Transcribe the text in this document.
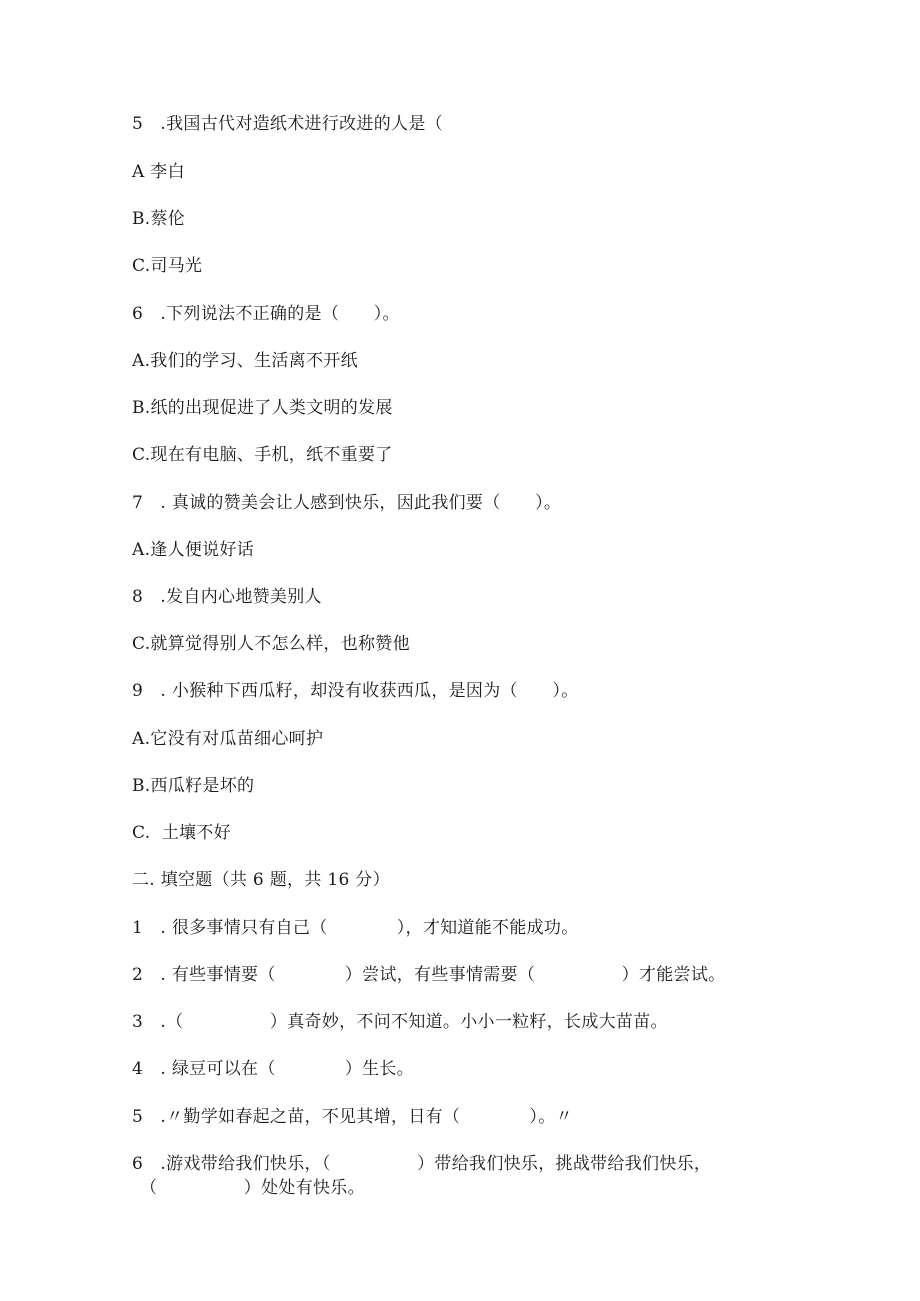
5　.我国古代对造纸术进行改进的人是（
A 李白
B.蔡伦
C.司马光
6　.下列说法不正确的是（　　）。
A.我们的学习、生活离不开纸
B.纸的出现促进了人类文明的发展
C.现在有电脑、手机，纸不重要了
7　. 真诚的赞美会让人感到快乐，因此我们要（　　）。
A.逢人便说好话
8　.发自内心地赞美别人
C.就算觉得别人不怎么样，也称赞他
9　. 小猴种下西瓜籽，却没有收获西瓜，是因为（　　）。
A.它没有对瓜苗细心呵护
B.西瓜籽是坏的
C.  土壤不好
二. 填空题（共 6 题，共 16 分）
1　. 很多事情只有自己（　　　　），才知道能不能成功。
2　. 有些事情要（　　　　）尝试，有些事情需要（　　　　　）才能尝试。
3　.（　　　　　）真奇妙，不问不知道。小小一粒籽，长成大苗苗。
4　. 绿豆可以在（　　　　）生长。
5　.〃勤学如春起之苗，不见其增，日有（　　　　）。〃
6　.游戏带给我们快乐，（　　　　　）带给我们快乐，挑战带给我们快乐，
（　　　　　）处处有快乐。
